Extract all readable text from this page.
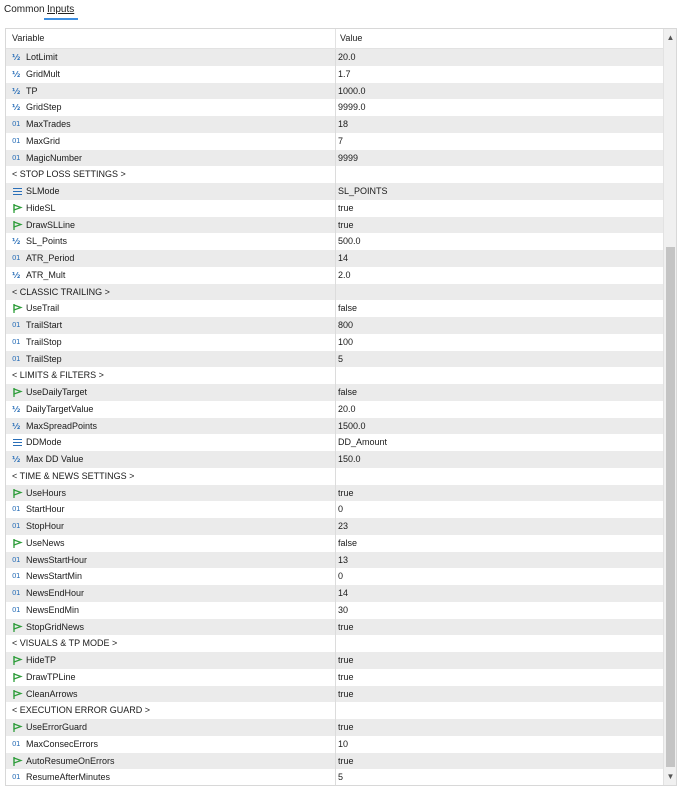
Common Inputs
Variable	Value
½ LotLimit	20.0
½ GridMult	1.7
½ TP	1000.0
½ GridStep	9999.0
01 MaxTrades	18
01 MaxGrid	7
01 MagicNumber	9999
< STOP LOSS SETTINGS >
SLMode	SL_POINTS
HideSL	true
DrawSLLine	true
½ SL_Points	500.0
01 ATR_Period	14
½ ATR_Mult	2.0
< CLASSIC TRAILING >
UseTrail	false
01 TrailStart	800
01 TrailStop	100
01 TrailStep	5
< LIMITS & FILTERS >
UseDailyTarget	false
½ DailyTargetValue	20.0
½ MaxSpreadPoints	1500.0
DDMode	DD_Amount
½ Max DD Value	150.0
< TIME & NEWS SETTINGS >
UseHours	true
01 StartHour	0
01 StopHour	23
UseNews	false
01 NewsStartHour	13
01 NewsStartMin	0
01 NewsEndHour	14
01 NewsEndMin	30
StopGridNews	true
< VISUALS & TP MODE >
HideTP	true
DrawTPLine	true
CleanArrows	true
< EXECUTION ERROR GUARD >
UseErrorGuard	true
01 MaxConsecErrors	10
AutoResumeOnErrors	true
01 ResumeAfterMinutes	5
▲
▼
